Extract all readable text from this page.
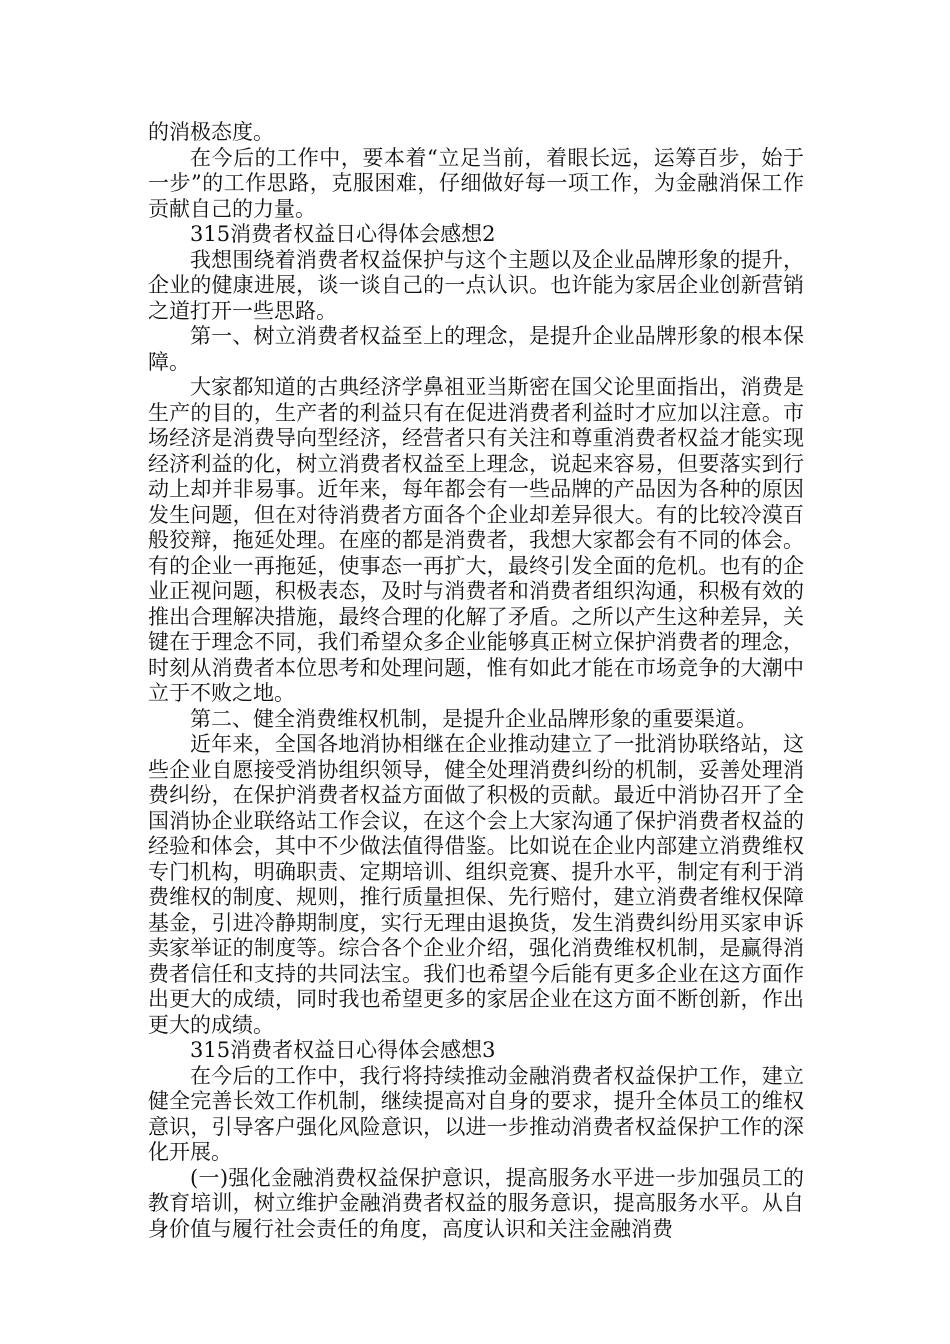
的消极态度。

在今后的工作中，要本着“立足当前，着眼长远，运筹百步，始于一步”的工作思路，克服困难，仔细做好每一项工作，为金融消保工作贡献自己的力量。

315消费者权益日心得体会感想2

我想围绕着消费者权益保护与这个主题以及企业品牌形象的提升，企业的健康进展，谈一谈自己的一点认识。也许能为家居企业创新营销之道打开一些思路。

第一、树立消费者权益至上的理念，是提升企业品牌形象的根本保障。

大家都知道的古典经济学鼻祖亚当斯密在国父论里面指出，消费是生产的目的，生产者的利益只有在促进消费者利益时才应加以注意。市场经济是消费导向型经济，经营者只有关注和尊重消费者权益才能实现经济利益的化，树立消费者权益至上理念，说起来容易，但要落实到行动上却并非易事。近年来，每年都会有一些品牌的产品因为各种的原因发生问题，但在对待消费者方面各个企业却差异很大。有的比较冷漠百般狡辩，拖延处理。在座的都是消费者，我想大家都会有不同的体会。有的企业一再拖延，使事态一再扩大，最终引发全面的危机。也有的企业正视问题，积极表态，及时与消费者和消费者组织沟通，积极有效的推出合理解决措施，最终合理的化解了矛盾。之所以产生这种差异，关键在于理念不同，我们希望众多企业能够真正树立保护消费者的理念，时刻从消费者本位思考和处理问题，惟有如此才能在市场竞争的大潮中立于不败之地。

第二、健全消费维权机制，是提升企业品牌形象的重要渠道。

近年来，全国各地消协相继在企业推动建立了一批消协联络站，这些企业自愿接受消协组织领导，健全处理消费纠纷的机制，妥善处理消费纠纷，在保护消费者权益方面做了积极的贡献。最近中消协召开了全国消协企业联络站工作会议，在这个会上大家沟通了保护消费者权益的经验和体会，其中不少做法值得借鉴。比如说在企业内部建立消费维权专门机构，明确职责、定期培训、组织竞赛、提升水平，制定有利于消费维权的制度、规则，推行质量担保、先行赔付，建立消费者维权保障基金，引进冷静期制度，实行无理由退换货，发生消费纠纷用买家申诉卖家举证的制度等。综合各个企业介绍，强化消费维权机制，是赢得消费者信任和支持的共同法宝。我们也希望今后能有更多企业在这方面作出更大的成绩，同时我也希望更多的家居企业在这方面不断创新，作出更大的成绩。

315消费者权益日心得体会感想3

在今后的工作中，我行将持续推动金融消费者权益保护工作，建立健全完善长效工作机制，继续提高对自身的要求，提升全体员工的维权意识，引导客户强化风险意识，以进一步推动消费者权益保护工作的深化开展。

(一)强化金融消费权益保护意识，提高服务水平进一步加强员工的教育培训，树立维护金融消费者权益的服务意识，提高服务水平。从自身价值与履行社会责任的角度，高度认识和关注金融消费
